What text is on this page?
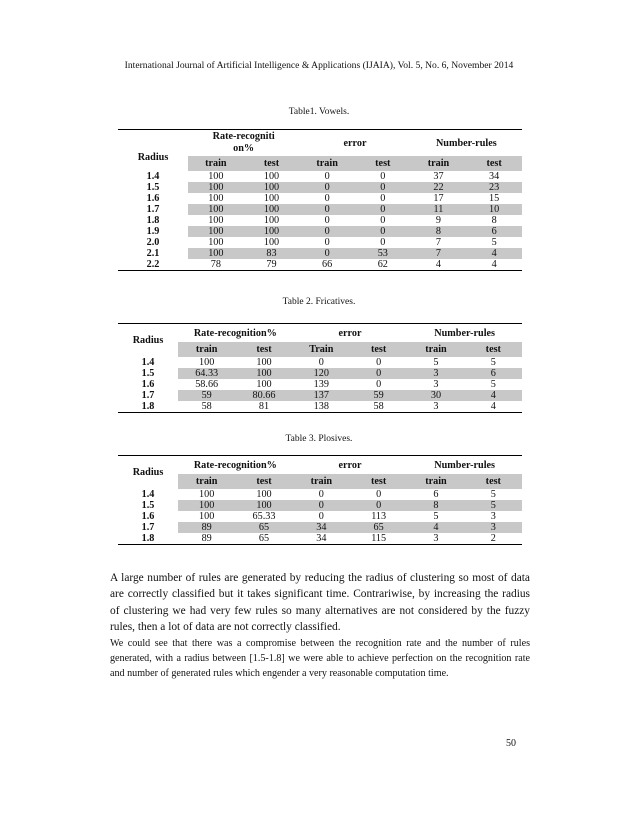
International Journal of Artificial Intelligence & Applications (IJAIA), Vol. 5, No. 6, November 2014
Table1. Vowels.
Radius	Rate-recognition%		error		Number-rules	
	train	test	train	test	train	test
1.4	100	100	0	0	37	34
1.5	100	100	0	0	22	23
1.6	100	100	0	0	17	15
1.7	100	100	0	0	11	10
1.8	100	100	0	0	9	8
1.9	100	100	0	0	8	6
2.0	100	100	0	0	7	5
2.1	100	83	0	53	7	4
2.2	78	79	66	62	4	4
Table 2. Fricatives.
Radius	Rate-recognition%		error		Number-rules	
	train	test	Train	test	train	test
1.4	100	100	0	0	5	5
1.5	64.33	100	120	0	3	6
1.6	58.66	100	139	0	3	5
1.7	59	80.66	137	59	30	4
1.8	58	81	138	58	3	4
Table 3. Plosives.
Radius	Rate-recognition%		error		Number-rules	
	train	test	train	test	train	test
1.4	100	100	0	0	6	5
1.5	100	100	0	0	8	5
1.6	100	65.33	0	113	5	3
1.7	89	65	34	65	4	3
1.8	89	65	34	115	3	2

A large number of rules are generated by reducing the radius of clustering so most of data are correctly classified but it takes significant time. Contrariwise, by increasing the radius of clustering we had very few rules so many alternatives are not considered by the fuzzy rules, then a lot of data are not correctly classified.

We could see that there was a compromise between the recognition rate and the number of rules generated, with a radius between [1.5-1.8] we were able to achieve perfection on the recognition rate and number of generated rules which engender a very reasonable computation time.

50
